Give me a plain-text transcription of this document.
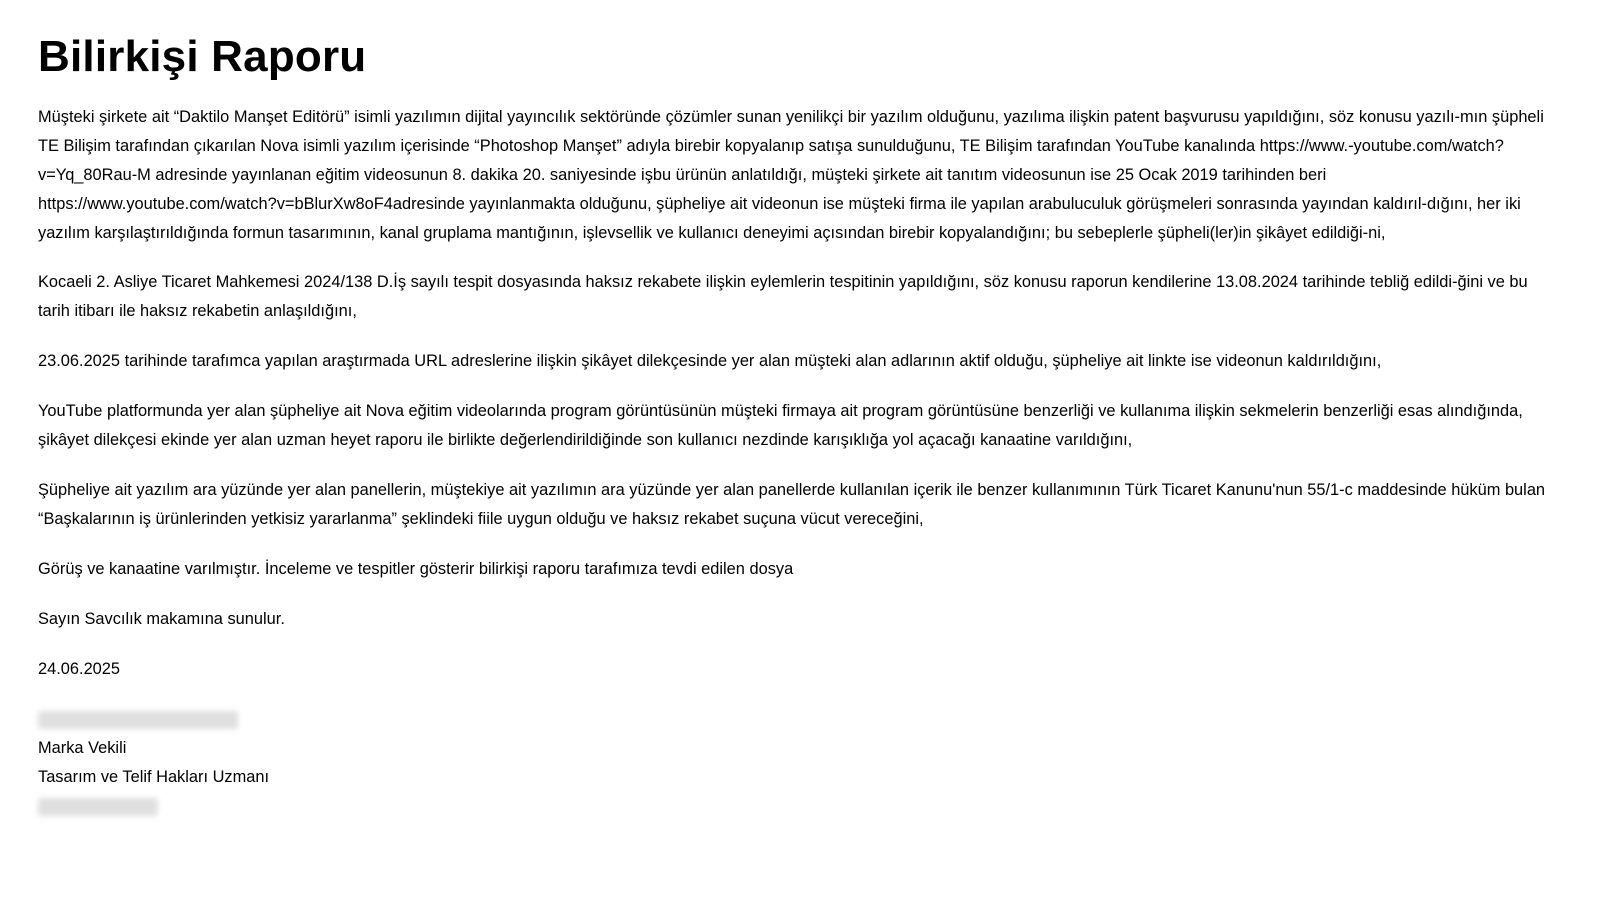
Bilirkişi Raporu

Müşteki şirkete ait “Daktilo Manşet Editörü” isimli yazılımın dijital yayıncılık sektöründe çözümler sunan yenilikçi bir yazılım olduğunu, yazılıma ilişkin patent başvurusu yapıldığını, söz konusu yazılı-mın şüpheli TE Bilişim tarafından çıkarılan Nova isimli yazılım içerisinde “Photoshop Manşet” adıyla birebir kopyalanıp satışa sunulduğunu, TE Bilişim tarafından YouTube kanalında https://www.-youtube.com/watch?v=Yq_80Rau-M adresinde yayınlanan eğitim videosunun 8. dakika 20. saniyesinde işbu ürünün anlatıldığı, müşteki şirkete ait tanıtım videosunun ise 25 Ocak 2019 tarihinden beri https://www.youtube.com/watch?v=bBlurXw8oF4adresinde yayınlanmakta olduğunu, şüpheliye ait videonun ise müşteki firma ile yapılan arabuluculuk görüşmeleri sonrasında yayından kaldırıl-dığını, her iki yazılım karşılaştırıldığında formun tasarımının, kanal gruplama mantığının, işlevsellik ve kullanıcı deneyimi açısından birebir kopyalandığını; bu sebeplerle şüpheli(ler)in şikâyet edildiği-ni,

Kocaeli 2. Asliye Ticaret Mahkemesi 2024/138 D.İş sayılı tespit dosyasında haksız rekabete ilişkin eylemlerin tespitinin yapıldığını, söz konusu raporun kendilerine 13.08.2024 tarihinde tebliğ edildi-ğini ve bu tarih itibarı ile haksız rekabetin anlaşıldığını,

23.06.2025 tarihinde tarafımca yapılan araştırmada URL adreslerine ilişkin şikâyet dilekçesinde yer alan müşteki alan adlarının aktif olduğu, şüpheliye ait linkte ise videonun kaldırıldığını,

YouTube platformunda yer alan şüpheliye ait Nova eğitim videolarında program görüntüsünün müşteki firmaya ait program görüntüsüne benzerliği ve kullanıma ilişkin sekmelerin benzerliği esas alındığında, şikâyet dilekçesi ekinde yer alan uzman heyet raporu ile birlikte değerlendirildiğinde son kullanıcı nezdinde karışıklığa yol açacağı kanaatine varıldığını,

Şüpheliye ait yazılım ara yüzünde yer alan panellerin, müştekiye ait yazılımın ara yüzünde yer alan panellerde kullanılan içerik ile benzer kullanımının Türk Ticaret Kanunu'nun 55/1-c maddesinde hüküm bulan “Başkalarının iş ürünlerinden yetkisiz yararlanma” şeklindeki fiile uygun olduğu ve haksız rekabet suçuna vücut vereceğini,

Görüş ve kanaatine varılmıştır. İnceleme ve tespitler gösterir bilirkişi raporu tarafımıza tevdi edilen dosya

Sayın Savcılık makamına sunulur.

24.06.2025

Marka Vekili
Tasarım ve Telif Hakları Uzmanı
